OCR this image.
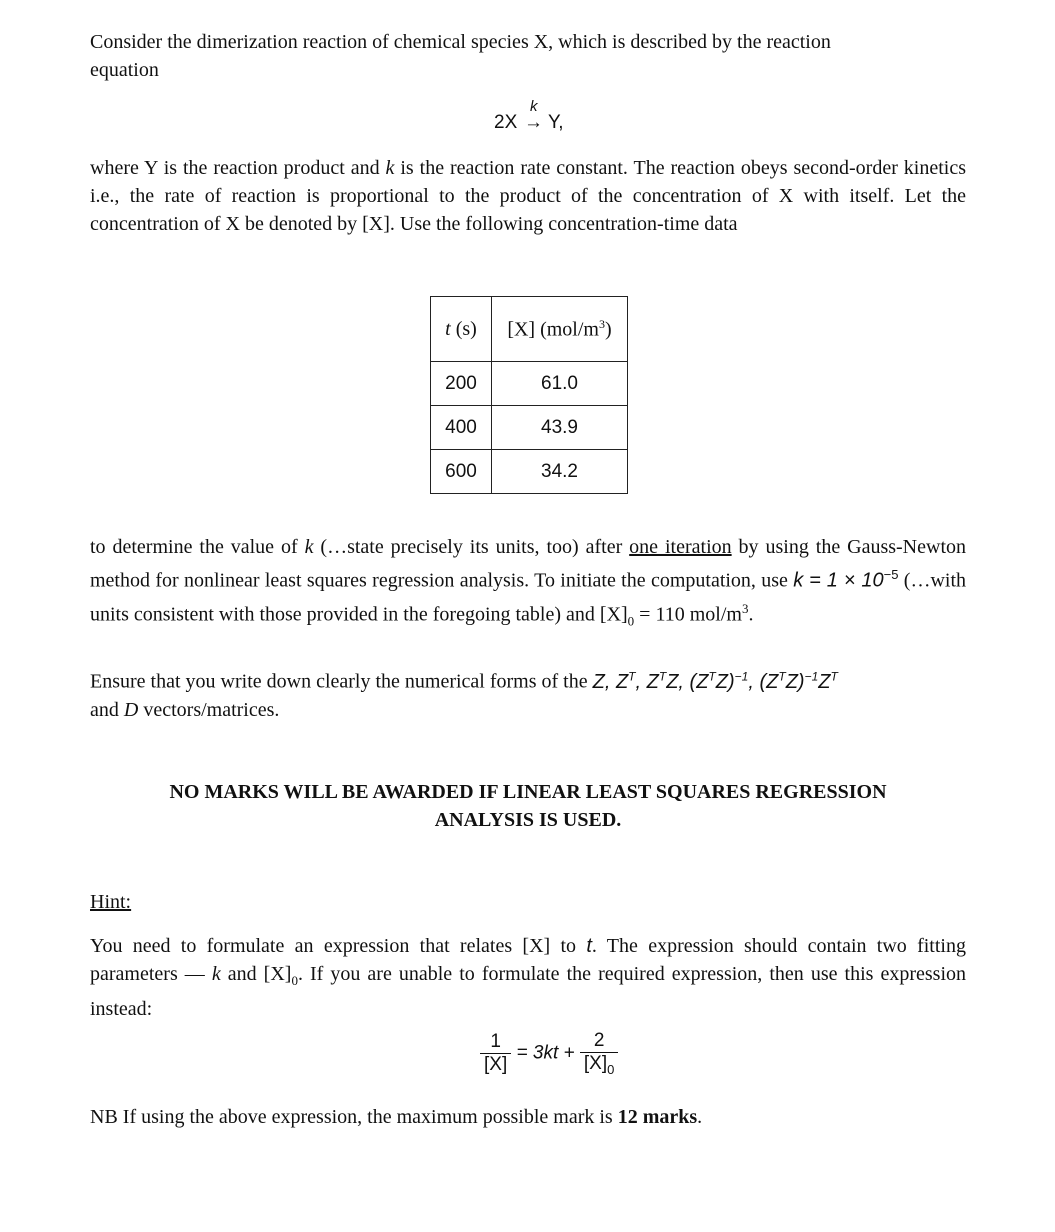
Consider the dimerization reaction of chemical species X, which is described by the reaction

equation

2X
k
→ Y,

where Y is the reaction product and k is the reaction rate constant. The reaction obeys second-order kinetics i.e., the rate of reaction is proportional to the product of the concentration of X with itself. Let the concentration of X be denoted by [X]. Use the following concentration-time data

t (s)	[X] $(mol/m^3)$
200	61.0
400	43.9
600	34.2

to determine the value of k (…state precisely its units, too) after one iteration by using the Gauss-Newton method for nonlinear least squares regression analysis. To initiate the computation, use $k = 1 \times 10^{-5}$ (…with units consistent with those provided in the foregoing table) and $[X]_0 = 110$ mol/$m^3$.

Ensure that you write down clearly the numerical forms of the Z, $Z^T$, $Z^TZ$, $(Z^TZ)^{-1}$, $(Z^TZ)^{-1}Z^T$
and D vectors/matrices.

NO MARKS WILL BE AWARDED IF LINEAR LEAST SQUARES REGRESSION
ANALYSIS IS USED.

Hint:

You need to formulate an expression that relates [X] to t. The expression should contain two fitting parameters — k and $[X]_0$. If you are unable to formulate the required expression, then use this expression instead:

$\frac{1}{[X]} = 3kt + \frac{2}{[X]_0}$

NB If using the above expression, the maximum possible mark is 12 marks.
